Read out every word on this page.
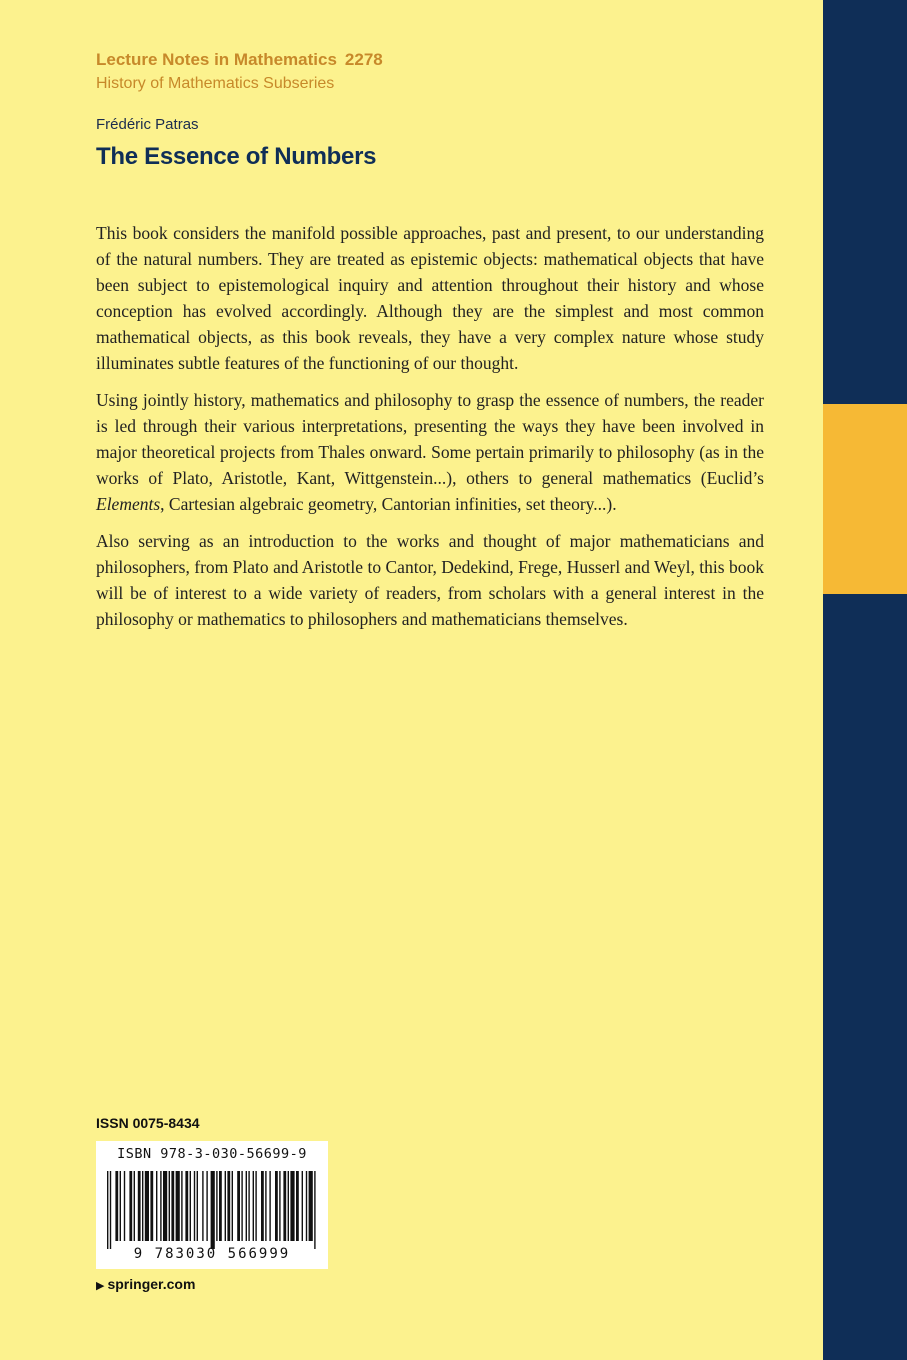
Lecture Notes in Mathematics 2278
History of Mathematics Subseries
Frédéric Patras
The Essence of Numbers

This book considers the manifold possible approaches, past and present, to our understanding of the natural numbers. They are treated as epistemic objects: mathematical objects that have been subject to epistemological inquiry and attention throughout their history and whose conception has evolved accordingly. Although they are the simplest and most common mathematical objects, as this book reveals, they have a very complex nature whose study illuminates subtle features of the functioning of our thought.

Using jointly history, mathematics and philosophy to grasp the essence of numbers, the reader is led through their various interpretations, presenting the ways they have been involved in major theoretical projects from Thales onward. Some pertain primarily to philosophy (as in the works of Plato, Aristotle, Kant, Wittgenstein...), others to general mathematics (Euclid’s Elements, Cartesian algebraic geometry, Cantorian infinities, set theory...).

Also serving as an introduction to the works and thought of major mathematicians and philosophers, from Plato and Aristotle to Cantor, Dedekind, Frege, Husserl and Weyl, this book will be of interest to a wide variety of readers, from scholars with a general interest in the philosophy or mathematics to philosophers and mathematicians themselves.

ISSN 0075-8434
ISBN 978-3-030-56699-9
9 783030 566999
▶ springer.com
